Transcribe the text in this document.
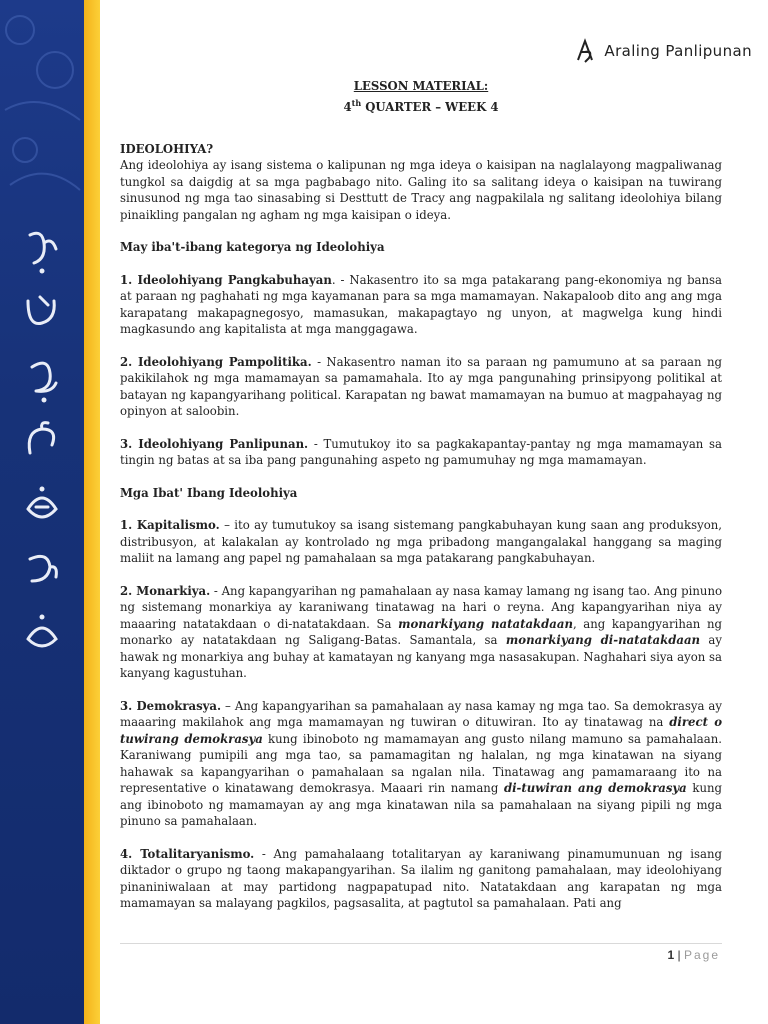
Araling Panlipunan
LESSON MATERIAL:
4th QUARTER – WEEK 4
IDEOLOHIYA?

Ang ideolohiya ay isang sistema o kalipunan ng mga ideya o kaisipan na naglalayong magpaliwanag tungkol sa daigdig at sa mga pagbabago nito. Galing ito sa salitang ideya o kaisipan na tuwirang sinusunod ng mga tao sinasabing si Desttutt de Tracy ang nagpakilala ng salitang ideolohiya bilang pinaikling pangalan ng agham ng mga kaisipan o ideya.

May iba't-ibang kategorya ng Ideolohiya

1. Ideolohiyang Pangkabuhayan. - Nakasentro ito sa mga patakarang pang-ekonomiya ng bansa at paraan ng paghahati ng mga kayamanan para sa mga mamamayan. Nakapaloob dito ang ang mga karapatang makapagnegosyo, mamasukan, makapagtayo ng unyon, at magwelga kung hindi magkasundo ang kapitalista at mga manggagawa.

2. Ideolohiyang Pampolitika. - Nakasentro naman ito sa paraan ng pamumuno at sa paraan ng pakikilahok ng mga mamamayan sa pamamahala. Ito ay mga pangunahing prinsipyong politikal at batayan ng kapangyarihang political. Karapatan ng bawat mamamayan na bumuo at magpahayag ng opinyon at saloobin.

3. Ideolohiyang Panlipunan. - Tumutukoy ito sa pagkakapantay-pantay ng mga mamamayan sa tingin ng batas at sa iba pang pangunahing aspeto ng pamumuhay ng mga mamamayan.

Mga Ibat' Ibang Ideolohiya

1. Kapitalismo. – ito ay tumutukoy sa isang sistemang pangkabuhayan kung saan ang produksyon, distribusyon, at kalakalan ay kontrolado ng mga pribadong mangangalakal hanggang sa maging maliit na lamang ang papel ng pamahalaan sa mga patakarang pangkabuhayan.

2. Monarkiya. - Ang kapangyarihan ng pamahalaan ay nasa kamay lamang ng isang tao. Ang pinuno ng sistemang monarkiya ay karaniwang tinatawag na hari o reyna. Ang kapangyarihan niya ay maaaring natatakdaan o di-natatakdaan. Sa monarkiyang natatakdaan, ang kapangyarihan ng monarko ay natatakdaan ng Saligang-Batas. Samantala, sa monarkiyang di-natatakdaan ay hawak ng monarkiya ang buhay at kamatayan ng kanyang mga nasasakupan. Naghahari siya ayon sa kanyang kagustuhan.

3. Demokrasya. – Ang kapangyarihan sa pamahalaan ay nasa kamay ng mga tao. Sa demokrasya ay maaaring makilahok ang mga mamamayan ng tuwiran o dituwiran. Ito ay tinatawag na direct o tuwirang demokrasya kung ibinoboto ng mamamayan ang gusto nilang mamuno sa pamahalaan. Karaniwang pumipili ang mga tao, sa pamamagitan ng halalan, ng mga kinatawan na siyang hahawak sa kapangyarihan o pamahalaan sa ngalan nila. Tinatawag ang pamamaraang ito na representative o kinatawang demokrasya. Maaari rin namang di-tuwiran ang demokrasya kung ang ibinoboto ng mamamayan ay ang mga kinatawan nila sa pamahalaan na siyang pipili ng mga pinuno sa pamahalaan.

4. Totalitaryanismo. - Ang pamahalaang totalitaryan ay karaniwang pinamumunuan ng isang diktador o grupo ng taong makapangyarihan. Sa ilalim ng ganitong pamahalaan, may ideolohiyang pinaniniwalaan at may partidong nagpapatupad nito. Natatakdaan ang karapatan ng mga mamamayan sa malayang pagkilos, pagsasalita, at pagtutol sa pamahalaan. Pati ang

1 | Page
